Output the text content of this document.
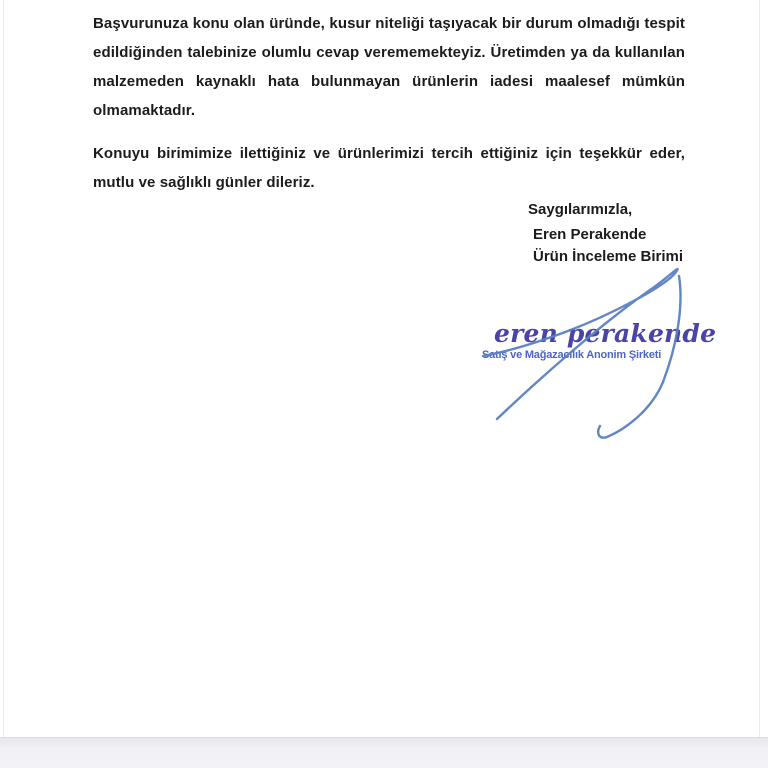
Başvurunuza konu olan üründe, kusur niteliği taşıyacak bir durum olmadığı tespit
edildiğinden talebinize olumlu cevap verememekteyiz. Üretimden ya da kullanılan
malzemeden kaynaklı hata bulunmayan ürünlerin iadesi maalesef mümkün
olmamaktadır.
Konuyu birimimize ilettiğiniz ve ürünlerimizi tercih ettiğiniz için teşekkür eder,
mutlu ve sağlıklı günler dileriz.
Saygılarımızla,
Eren Perakende
Ürün İnceleme Birimi
eren perakende
Satış ve Mağazacılık Anonim Şirketi
